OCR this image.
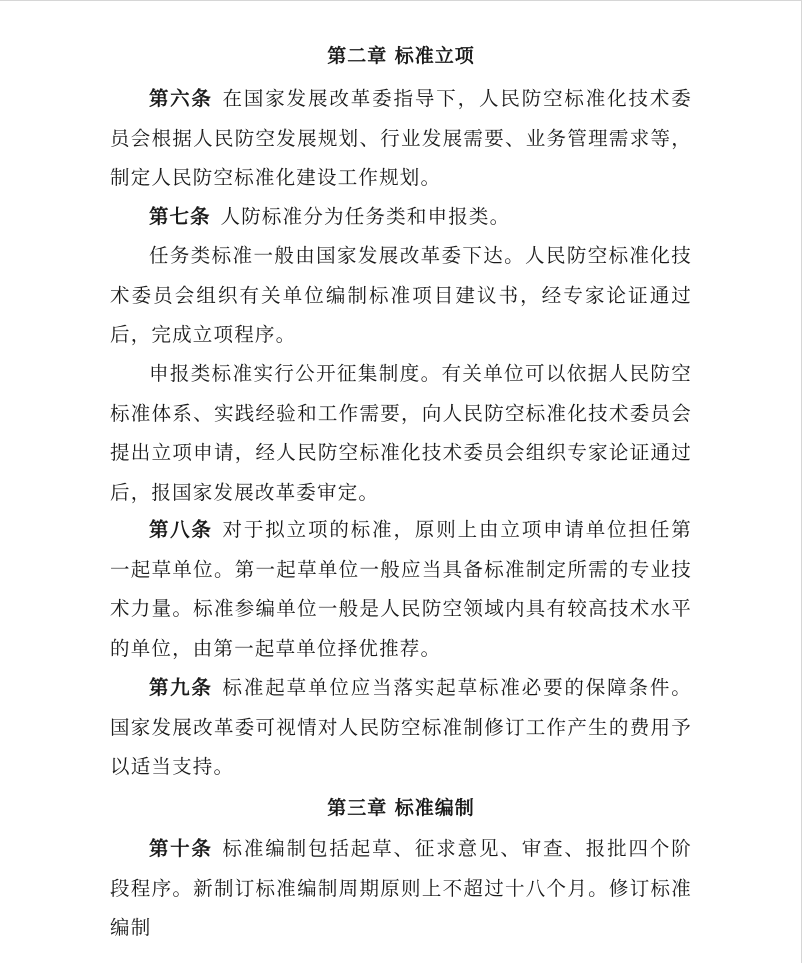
第二章 标准立项

第六条 在国家发展改革委指导下，人民防空标准化技术委员会根据人民防空发展规划、行业发展需要、业务管理需求等，制定人民防空标准化建设工作规划。

第七条 人防标准分为任务类和申报类。

任务类标准一般由国家发展改革委下达。人民防空标准化技术委员会组织有关单位编制标准项目建议书，经专家论证通过后，完成立项程序。

申报类标准实行公开征集制度。有关单位可以依据人民防空标准体系、实践经验和工作需要，向人民防空标准化技术委员会提出立项申请，经人民防空标准化技术委员会组织专家论证通过后，报国家发展改革委审定。

第八条 对于拟立项的标准，原则上由立项申请单位担任第一起草单位。第一起草单位一般应当具备标准制定所需的专业技术力量。标准参编单位一般是人民防空领域内具有较高技术水平的单位，由第一起草单位择优推荐。

第九条 标准起草单位应当落实起草标准必要的保障条件。国家发展改革委可视情对人民防空标准制修订工作产生的费用予以适当支持。

第三章 标准编制

第十条 标准编制包括起草、征求意见、审查、报批四个阶段程序。新制订标准编制周期原则上不超过十八个月。修订标准编制
